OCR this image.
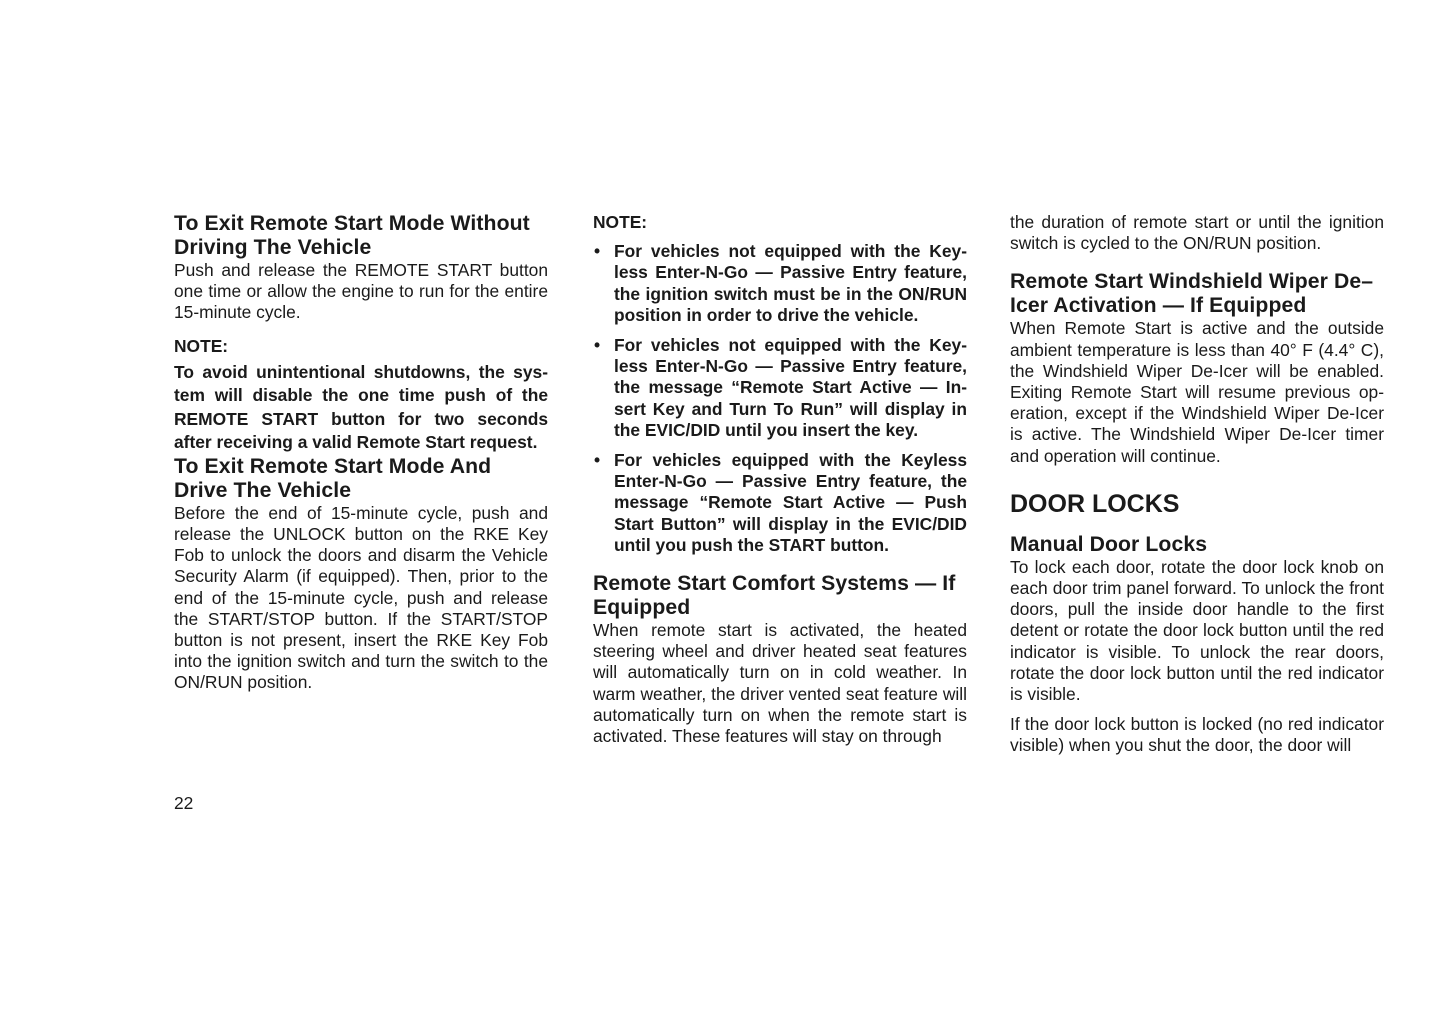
To Exit Remote Start Mode Without Driving The Vehicle

Push and release the REMOTE START button one time or allow the engine to run for the entire 15-minute cycle.

NOTE:

To avoid unintentional shutdowns, the sys-tem will disable the one time push of the REMOTE START button for two seconds after receiving a valid Remote Start request.

To Exit Remote Start Mode And Drive The Vehicle

Before the end of 15-minute cycle, push and release the UNLOCK button on the RKE Key Fob to unlock the doors and disarm the Vehicle Security Alarm (if equipped). Then, prior to the end of the 15-minute cycle, push and release the START/STOP button. If the START/STOP button is not present, insert the RKE Key Fob into the ignition switch and turn the switch to the ON/RUN position.

NOTE:

• For vehicles not equipped with the Key-less Enter-N-Go — Passive Entry feature, the ignition switch must be in the ON/RUN position in order to drive the vehicle.
• For vehicles not equipped with the Key-less Enter-N-Go — Passive Entry feature, the message “Remote Start Active — In-sert Key and Turn To Run” will display in the EVIC/DID until you insert the key.
• For vehicles equipped with the Keyless Enter-N-Go — Passive Entry feature, the message “Remote Start Active — Push Start Button” will display in the EVIC/DID until you push the START button.
Remote Start Comfort Systems — If Equipped

When remote start is activated, the heated steering wheel and driver heated seat features will automatically turn on in cold weather. In warm weather, the driver vented seat feature will automatically turn on when the remote start is activated. These features will stay on through

the duration of remote start or until the ignition switch is cycled to the ON/RUN position.

Remote Start Windshield Wiper De–Icer Activation — If Equipped

When Remote Start is active and the outside ambient temperature is less than 40° F (4.4° C), the Windshield Wiper De-Icer will be enabled. Exiting Remote Start will resume previous op-eration, except if the Windshield Wiper De-Icer is active. The Windshield Wiper De-Icer timer and operation will continue.

DOOR LOCKS
Manual Door Locks

To lock each door, rotate the door lock knob on each door trim panel forward. To unlock the front doors, pull the inside door handle to the first detent or rotate the door lock button until the red indicator is visible. To unlock the rear doors, rotate the door lock button until the red indicator is visible.

If the door lock button is locked (no red indicator visible) when you shut the door, the door will

22
